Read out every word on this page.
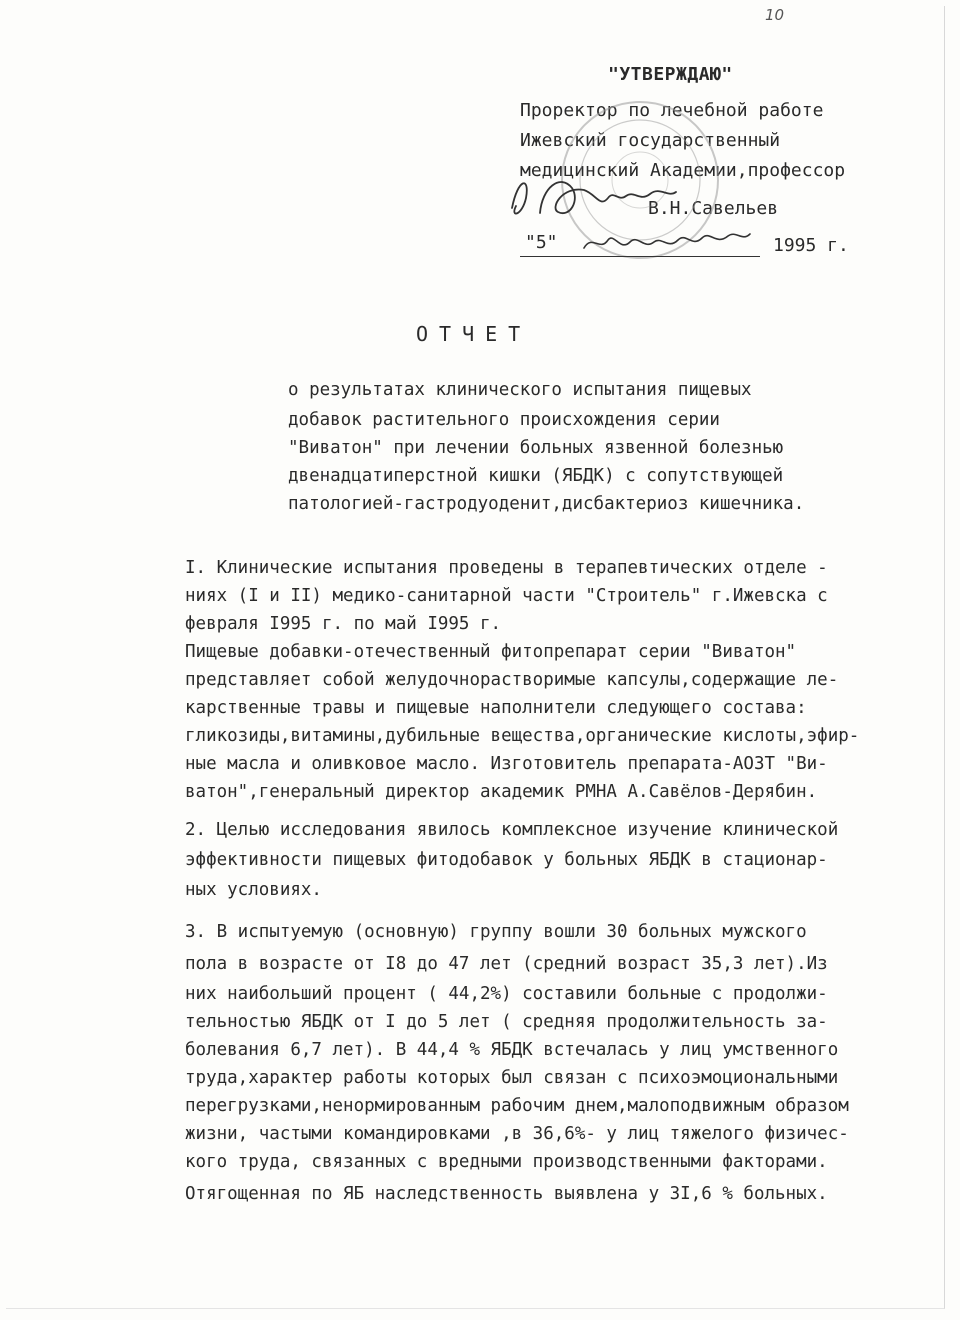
10
"УТВЕРЖДАЮ"
Проректор по лечебной работе
Ижевский государственный
медицинский Академии,профессор
В.Н.Савельев
"5"	1995 г.
ОТЧЕТ
о результатах клинического испытания пищевых
добавок растительного происхождения серии
"Виватон" при лечении больных язвенной болезнью
двенадцатиперстной кишки (ЯБДК) с сопутствующей
патологией-гастродуоденит,дисбактериоз кишечника.
I. Клинические испытания проведены в терапевтических отделе -
ниях (I и II) медико-санитарной части "Строитель" г.Ижевска с
февраля I995 г. по май I995 г.
Пищевые добавки-отечественный фитопрепарат серии "Виватон"
представляет собой желудочнорастворимые капсулы,содержащие ле-
карственные травы и пищевые наполнители следующего состава:
гликозиды,витамины,дубильные вещества,органические кислоты,эфир-
ные масла и оливковое масло. Изготовитель препарата-АОЗТ "Ви-
ватон",генеральный директор академик РМНА А.Савёлов-Дерябин.
2. Целью исследования явилось комплексное изучение клинической
эффективности пищевых фитодобавок у больных ЯБДК в стационар-
ных условиях.
3. В испытуемую (основную) группу вошли 30 больных мужского
пола в возрасте от I8 до 47 лет (средний возраст 35,3 лет).Из
них наибольший процент ( 44,2%) составили больные с продолжи-
тельностью ЯБДК от I до 5 лет ( средняя продолжительность за-
болевания 6,7 лет). В 44,4 % ЯБДК встечалась у лиц умственного
труда,характер работы которых был связан с психоэмоциональными
перегрузками,ненормированным рабочим днем,малоподвижным образом
жизни, частыми командировками ,в 36,6%- у лиц тяжелого физичес-
кого труда, связанных с вредными производственными факторами.
Отягощенная по ЯБ наследственность выявлена у 3I,6 % больных.
